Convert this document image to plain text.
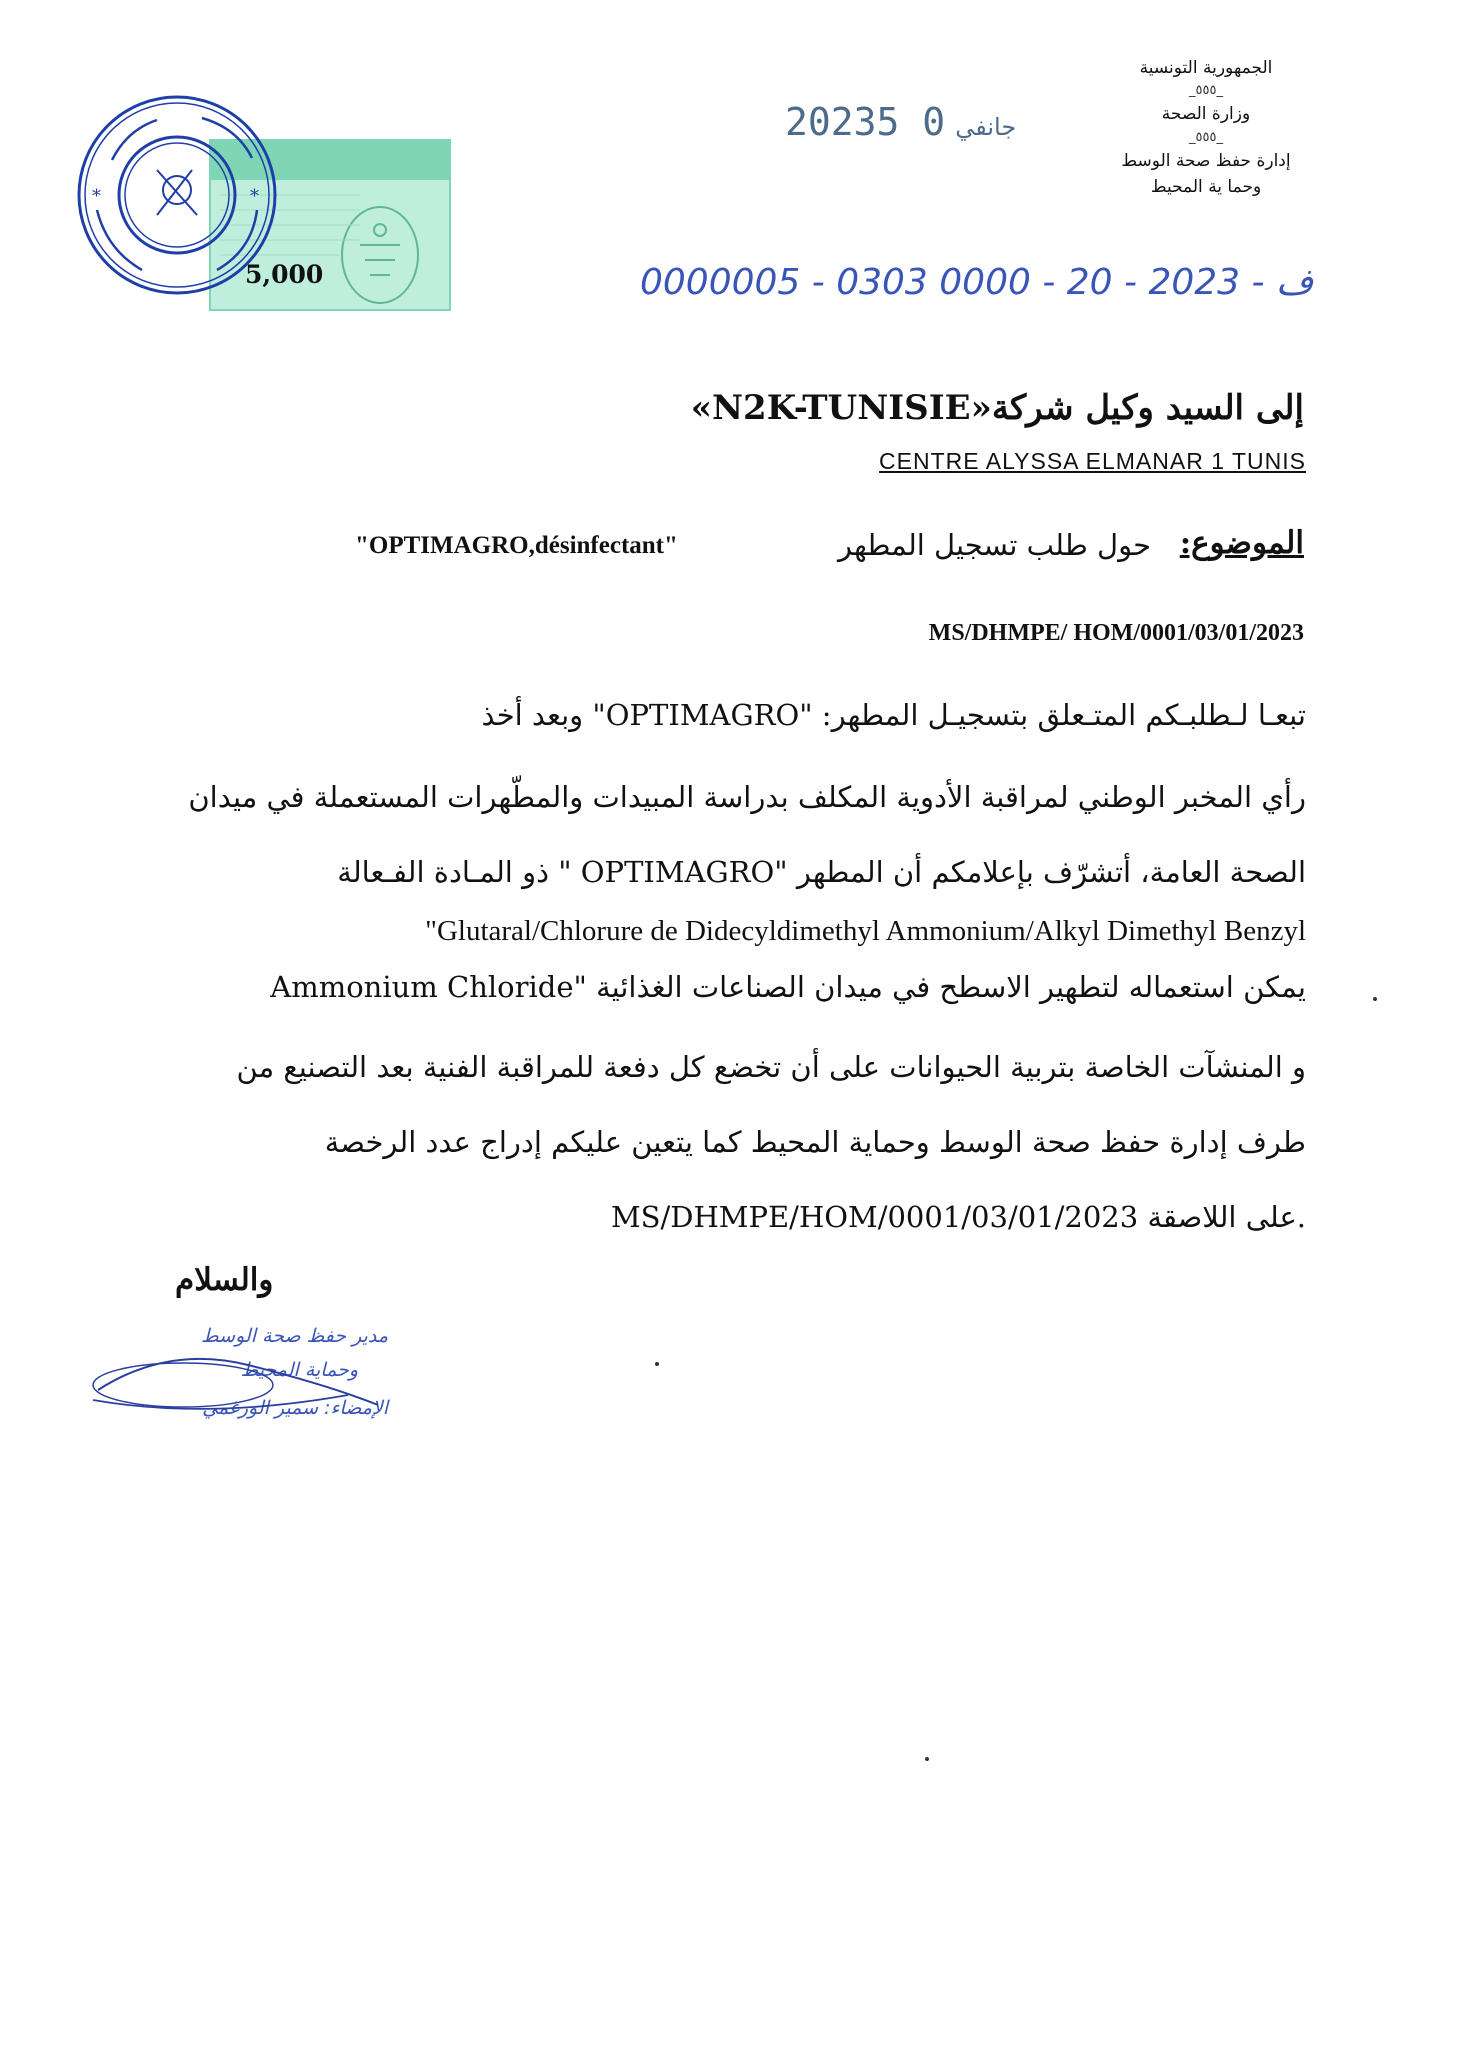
الجمهورية التونسية
_٥٥٥_
وزارة الصحة
_٥٥٥_
إدارة حفظ صحة الوسط
وحما ية المحيط
2023	جانفي0 5
0000005 - 0303 0000 - 20 - 2023 - ف
5,000
*	*
إلى السيد وكيل شركة«N2K-TUNISIE»
CENTRE ALYSSA ELMANAR 1 TUNIS
الموضوع:
حول طلب تسجيل المطهر
"OPTIMAGRO,désinfectant"
MS/DHMPE/ HOM/0001/03/01/2023
تبعـا لـطلبـكم المتـعلق بتسجيـل المطهر: "OPTIMAGRO" وبعد أخذ
رأي المخبر الوطني لمراقبة الأدوية المكلف بدراسة المبيدات والمطّهرات المستعملة في ميدان
الصحة العامة، أتشرّف بإعلامكم أن المطهر "OPTIMAGRO " ذو المـادة الفـعالة
"Glutaral/Chlorure de Didecyldimethyl Ammonium/Alkyl Dimethyl Benzyl
Ammonium Chloride" يمكن استعماله لتطهير الاسطح في ميدان الصناعات الغذائية
و المنشآت الخاصة بتربية الحيوانات على أن تخضع كل دفعة للمراقبة الفنية بعد التصنيع من
طرف إدارة حفظ صحة الوسط وحماية المحيط كما يتعين عليكم إدراج عدد الرخصة
MS/DHMPE/HOM/0001/03/01/2023 على اللاصقة.
والسلام
مدير حفظ صحة الوسط
وحماية المحيط
الإمضاء: سمير الورغمي
